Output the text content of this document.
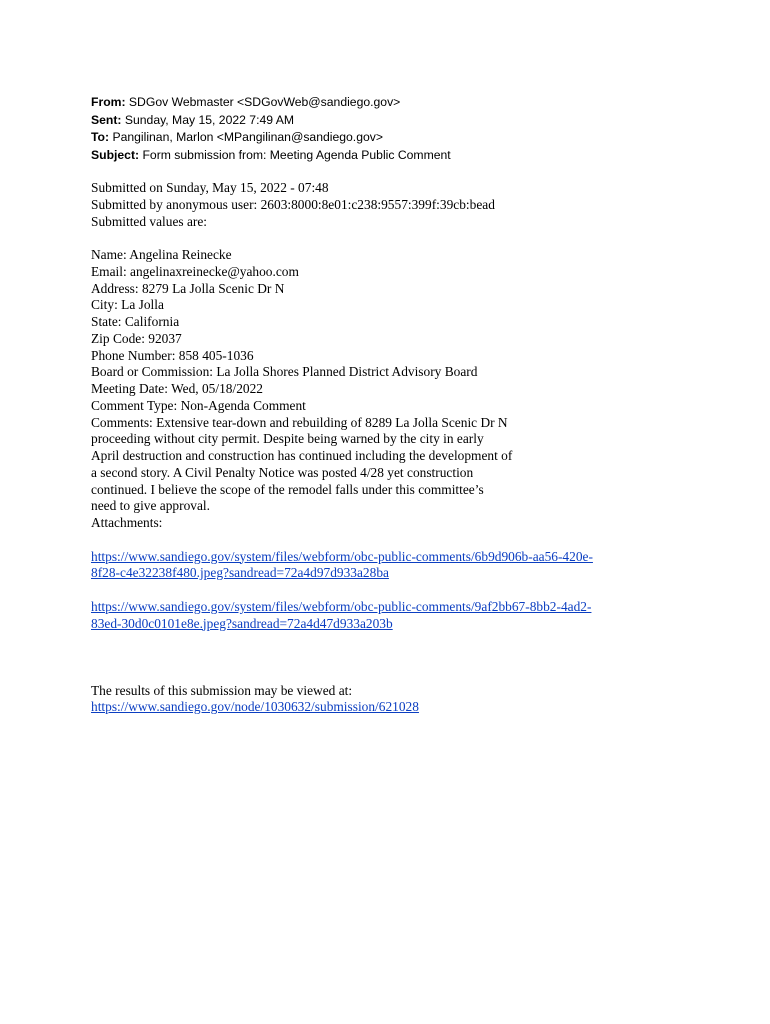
From: SDGov Webmaster <SDGovWeb@sandiego.gov>
Sent: Sunday, May 15, 2022 7:49 AM
To: Pangilinan, Marlon <MPangilinan@sandiego.gov>
Subject: Form submission from: Meeting Agenda Public Comment
Submitted on Sunday, May 15, 2022 - 07:48
Submitted by anonymous user: 2603:8000:8e01:c238:9557:399f:39cb:bead
Submitted values are:
Name: Angelina Reinecke
Email: angelinaxreinecke@yahoo.com
Address: 8279 La Jolla Scenic Dr N
City: La Jolla
State: California
Zip Code: 92037
Phone Number: 858 405-1036
Board or Commission: La Jolla Shores Planned District Advisory Board
Meeting Date: Wed, 05/18/2022
Comment Type: Non-Agenda Comment
Comments: Extensive tear-down and rebuilding of 8289 La Jolla Scenic Dr N
proceeding without city permit. Despite being warned by the city in early
April destruction and construction has continued including the development of
a second story. A Civil Penalty Notice was posted 4/28 yet construction
continued. I believe the scope of the remodel falls under this committee’s
need to give approval.
Attachments:
https://www.sandiego.gov/system/files/webform/obc-public-comments/6b9d906b-aa56-420e-
8f28-c4e32238f480.jpeg?sandread=72a4d97d933a28ba
https://www.sandiego.gov/system/files/webform/obc-public-comments/9af2bb67-8bb2-4ad2-
83ed-30d0c0101e8e.jpeg?sandread=72a4d47d933a203b
The results of this submission may be viewed at:
https://www.sandiego.gov/node/1030632/submission/621028
